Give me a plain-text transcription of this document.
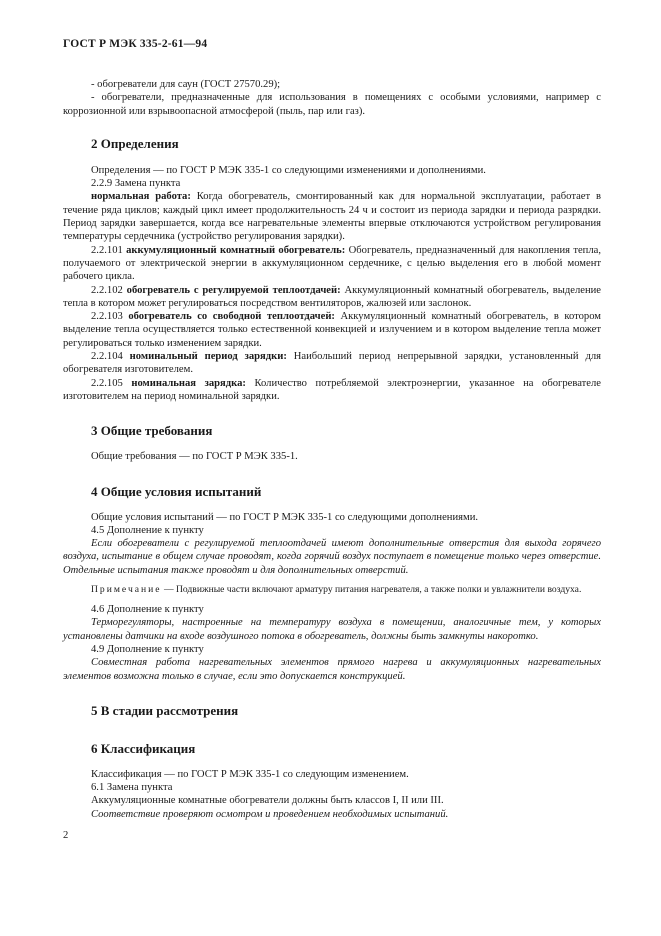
ГОСТ Р МЭК 335-2-61—94

- обогреватели для саун (ГОСТ 27570.29);

- обогреватели, предназначенные для использования в помещениях с особыми условиями, например с коррозионной или взрывоопасной атмосферой (пыль, пар или газ).

2 Определения

Определения — по ГОСТ Р МЭК 335-1 со следующими изменениями и дополнениями.

2.2.9 Замена пункта

нормальная работа: Когда обогреватель, смонтированный как для нормальной эксплуатации, работает в течение ряда циклов; каждый цикл имеет продолжительность 24 ч и состоит из периода зарядки и периода разрядки. Период зарядки завершается, когда все нагревательные элементы впервые отключаются устройством регулирования температуры сердечника (устройство регулирования зарядки).

2.2.101 аккумуляционный комнатный обогреватель: Обогреватель, предназначенный для накопления тепла, получаемого от электрической энергии в аккумуляционном сердечнике, с целью выделения его в любой момент рабочего цикла.

2.2.102 обогреватель с регулируемой теплоотдачей: Аккумуляционный комнатный обогреватель, выделение тепла в котором может регулироваться посредством вентиляторов, жалюзей или заслонок.

2.2.103 обогреватель со свободной теплоотдачей: Аккумуляционный комнатный обогреватель, в котором выделение тепла осуществляется только естественной конвекцией и излучением и в котором выделение тепла может регулироваться только изменением зарядки.

2.2.104 номинальный период зарядки: Наибольший период непрерывной зарядки, установленный для обогревателя изготовителем.

2.2.105 номинальная зарядка: Количество потребляемой электроэнергии, указанное на обогревателе изготовителем на период номинальной зарядки.

3 Общие требования

Общие требования — по ГОСТ Р МЭК 335-1.

4 Общие условия испытаний

Общие условия испытаний — по ГОСТ Р МЭК 335-1 со следующими дополнениями.

4.5 Дополнение к пункту

Если обогреватели с регулируемой теплоотдачей имеют дополнительные отверстия для выхода горячего воздуха, испытание в общем случае проводят, когда горячий воздух поступает в помещение только через отверстие. Отдельные испытания также проводят и для дополнительных отверстий.

Примечание — Подвижные части включают арматуру питания нагревателя, а также полки и увлажнители воздуха.

4.6 Дополнение к пункту

Терморегуляторы, настроенные на температуру воздуха в помещении, аналогичные тем, у которых установлены датчики на входе воздушного потока в обогреватель, должны быть замкнуты накоротко.

4.9 Дополнение к пункту

Совместная работа нагревательных элементов прямого нагрева и аккумуляционных нагревательных элементов возможна только в случае, если это допускается конструкцией.

5 В стадии рассмотрения
6 Классификация

Классификация — по ГОСТ Р МЭК 335-1 со следующим изменением.

6.1 Замена пункта

Аккумуляционные комнатные обогреватели должны быть классов I, II или III.

Соответствие проверяют осмотром и проведением необходимых испытаний.

2
